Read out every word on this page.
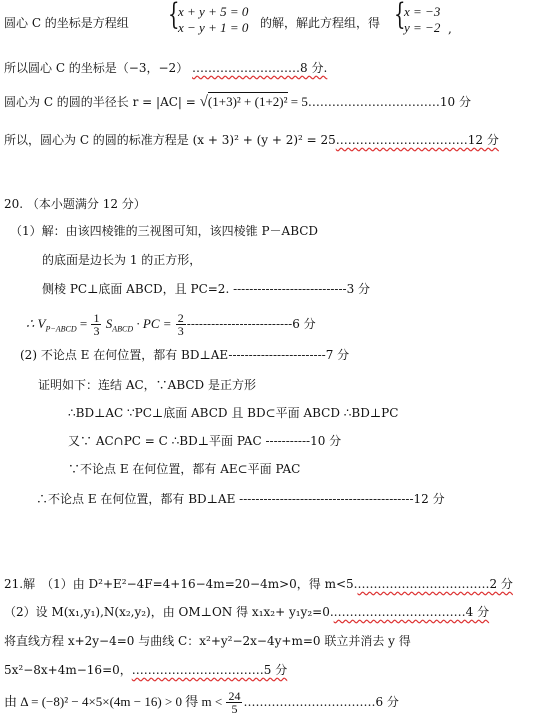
圆心 C 的坐标是方程组 {
x + y + 5 = 0
x − y + 1 = 0 的解，解此方程组，得 {
x = −3
y = −2 ,
所以圆心 C 的坐标是（−3，−2） ………………………8 分.
圆心为 C 的圆的半径长 r = |AC| = √(1+3)² + (1+2)² = 5……………………………10 分
所以，圆心为 C 的圆的标准方程是 (x + 3)² + (y + 2)² = 25……………………………12 分
20. （本小题满分 12 分）
（1）解：由该四棱锥的三视图可知，该四棱锥 P－ABCD
的底面是边长为 1 的正方形，
侧棱 PC⊥底面 ABCD，且 PC=2. ----------------------------3 分
∴ $V_{P-ABCD} = \frac{1}{3} S_{ABCD}$ · PC = $\frac{2}{3} --------------------------6$ 分
(2) 不论点 E 在何位置，都有 BD⊥AE------------------------7 分
证明如下：连结 AC，∵ABCD 是正方形
∴BD⊥AC ∵PC⊥底面 ABCD 且 BD⊂平面 ABCD ∴BD⊥PC
又∵ AC∩PC = C ∴BD⊥平面 PAC -----------10 分
∵不论点 E 在何位置，都有 AE⊂平面 PAC
∴不论点 E 在何位置，都有 BD⊥AE -------------------------------------------12 分
21.解　（1）由 D²+E²−4F=4+16−4m=20−4m>0，得 m<5.……………………………2 分
（2）设 M(x₁,y₁),N(x₂,y₂)，由 OM⊥ON 得 x₁x₂+ y₁y₂=0.……………………………4 分
将直线方程 x+2y−4=0 与曲线 C：x²+y²−2x−4y+m=0 联立并消去 y 得
5x²−8x+4m−16=0，……………………………5 分
由 Δ = (−8)² − 4×5×(4m − 16) > 0 得 $m < \frac{24}{5}$ ……………………………6 分
